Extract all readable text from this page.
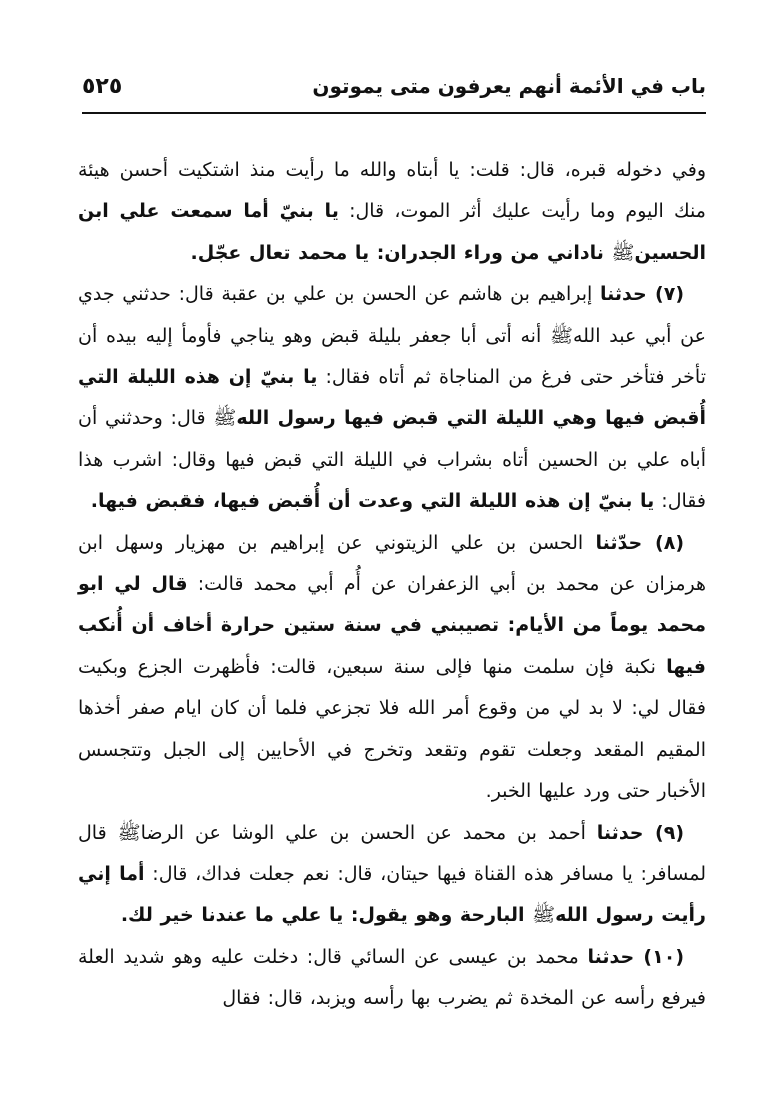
باب في الأئمة أنهم يعرفون متى يموتون
٥٢٥

وفي دخوله قبره، قال: قلت: يا أبتاه والله ما رأيت منذ اشتكيت أحسن هيئة منك اليوم وما رأيت عليك أثر الموت، قال: يا بنيّ أما سمعت علي ابن الحسينﷺ ناداني من وراء الجدران: يا محمد تعال عجّل.

(٧) حدثنا إبراهيم بن هاشم عن الحسن بن علي بن عقبة قال: حدثني جدي عن أبي عبد اللهﷺ أنه أتى أبا جعفر بليلة قبض وهو يناجي فأومأ إليه بيده أن تأخر فتأخر حتى فرغ من المناجاة ثم أتاه فقال: يا بنيّ إن هذه الليلة التي أُقبض فيها وهي الليلة التي قبض فيها رسول اللهﷺ قال: وحدثني أن أباه علي بن الحسين أتاه بشراب في الليلة التي قبض فيها وقال: اشرب هذا فقال: يا بنيّ إن هذه الليلة التي وعدت أن أُقبض فيها، فقبض فيها.

(٨) حدّثنا الحسن بن علي الزيتوني عن إبراهيم بن مهزيار وسهل ابن هرمزان عن محمد بن أبي الزعفران عن أُم أبي محمد قالت: قال لي ابو محمد يوماً من الأيام: تصيبني في سنة ستين حرارة أخاف أن أُنكب فيها نكبة فإن سلمت منها فإلى سنة سبعين، قالت: فأظهرت الجزع وبكيت فقال لي: لا بد لي من وقوع أمر الله فلا تجزعي فلما أن كان ايام صفر أخذها المقيم المقعد وجعلت تقوم وتقعد وتخرج في الأحايين إلى الجبل وتتجسس الأخبار حتى ورد عليها الخبر.

(٩) حدثنا أحمد بن محمد عن الحسن بن علي الوشا عن الرضاﷺ قال لمسافر: يا مسافر هذه القناة فيها حيتان، قال: نعم جعلت فداك، قال: أما إني رأيت رسول اللهﷺ البارحة وهو يقول: يا علي ما عندنا خير لك.

(١٠) حدثنا محمد بن عيسى عن السائي قال: دخلت عليه وهو شديد العلة فيرفع رأسه عن المخدة ثم يضرب بها رأسه ويزبد، قال: فقال
